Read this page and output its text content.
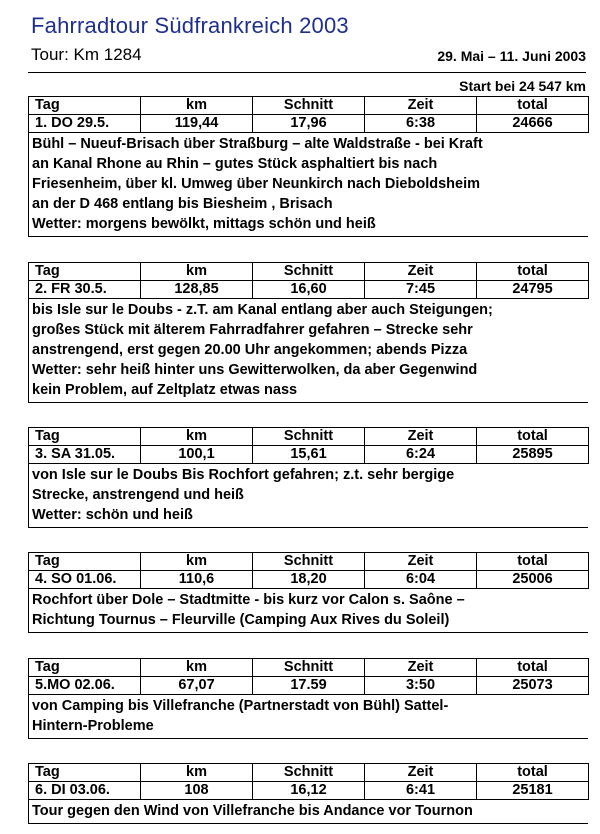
Fahrradtour Südfrankreich 2003
Tour: Km 1284	29. Mai – 11. Juni 2003
Start bei 24 547 km
Tag	km	Schnitt	Zeit	total
1. DO 29.5.	119,44	17,96	6:38	24666
Bühl – Nueuf-Brisach über Straßburg – alte Waldstraße - bei Kraft
an Kanal Rhone au Rhin – gutes Stück asphaltiert bis nach
Friesenheim, über kl. Umweg über Neunkirch nach Dieboldsheim
an der D 468 entlang bis Biesheim , Brisach
Wetter: morgens bewölkt, mittags schön und heiß
Tag	km	Schnitt	Zeit	total
2. FR 30.5.	128,85	16,60	7:45	24795
bis Isle sur le Doubs - z.T. am Kanal entlang aber auch Steigungen;
großes Stück mit älterem Fahrradfahrer gefahren – Strecke sehr
anstrengend, erst gegen 20.00 Uhr angekommen; abends Pizza
Wetter: sehr heiß hinter uns Gewitterwolken, da aber Gegenwind
kein Problem, auf Zeltplatz etwas nass
Tag	km	Schnitt	Zeit	total
3. SA 31.05.	100,1	15,61	6:24	25895
von Isle sur le Doubs Bis Rochfort gefahren; z.t. sehr bergige
Strecke, anstrengend und heiß
Wetter: schön und heiß
Tag	km	Schnitt	Zeit	total
4. SO 01.06.	110,6	18,20	6:04	25006
Rochfort über Dole – Stadtmitte - bis kurz vor Calon s. Saône –
Richtung Tournus – Fleurville (Camping Aux Rives du Soleil)
Tag	km	Schnitt	Zeit	total
5.MO 02.06.	67,07	17.59	3:50	25073
von Camping bis Villefranche (Partnerstadt von Bühl) Sattel-
Hintern-Probleme
Tag	km	Schnitt	Zeit	total
6. DI 03.06.	108	16,12	6:41	25181
Tour gegen den Wind von Villefranche bis Andance vor Tournon
